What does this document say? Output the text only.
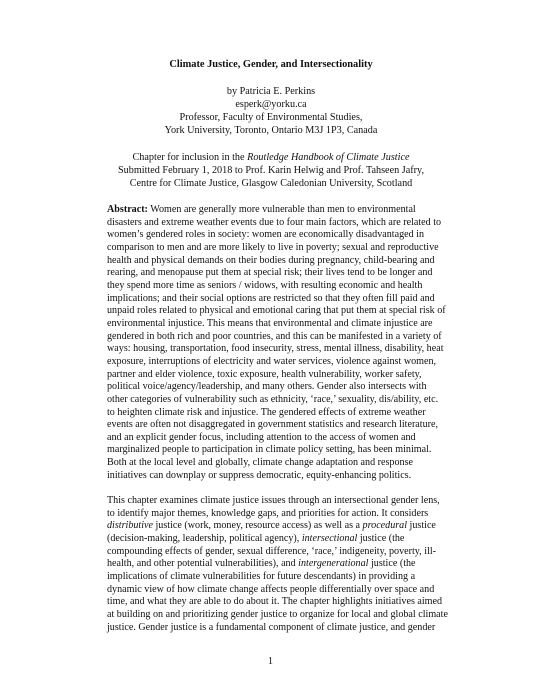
Climate Justice, Gender, and Intersectionality
by Patricia E. Perkins
esperk@yorku.ca
Professor, Faculty of Environmental Studies,
York University, Toronto, Ontario M3J 1P3, Canada
Chapter for inclusion in the Routledge Handbook of Climate Justice
Submitted February 1, 2018 to Prof. Karin Helwig and Prof. Tahseen Jafry,
Centre for Climate Justice, Glasgow Caledonian University, Scotland
Abstract: Women are generally more vulnerable than men to environmental
disasters and extreme weather events due to four main factors, which are related to
women’s gendered roles in society: women are economically disadvantaged in
comparison to men and are more likely to live in poverty; sexual and reproductive
health and physical demands on their bodies during pregnancy, child-bearing and
rearing, and menopause put them at special risk; their lives tend to be longer and
they spend more time as seniors / widows, with resulting economic and health
implications; and their social options are restricted so that they often fill paid and
unpaid roles related to physical and emotional caring that put them at special risk of
environmental injustice. This means that environmental and climate injustice are
gendered in both rich and poor countries, and this can be manifested in a variety of
ways: housing, transportation, food insecurity, stress, mental illness, disability, heat
exposure, interruptions of electricity and water services, violence against women,
partner and elder violence, toxic exposure, health vulnerability, worker safety,
political voice/agency/leadership, and many others. Gender also intersects with
other categories of vulnerability such as ethnicity, ‘race,’ sexuality, dis/ability, etc.
to heighten climate risk and injustice. The gendered effects of extreme weather
events are often not disaggregated in government statistics and research literature,
and an explicit gender focus, including attention to the access of women and
marginalized people to participation in climate policy setting, has been minimal.
Both at the local level and globally, climate change adaptation and response
initiatives can downplay or suppress democratic, equity-enhancing politics.
This chapter examines climate justice issues through an intersectional gender lens,
to identify major themes, knowledge gaps, and priorities for action. It considers
distributive justice (work, money, resource access) as well as a procedural justice
(decision-making, leadership, political agency), intersectional justice (the
compounding effects of gender, sexual difference, ‘race,’ indigeneity, poverty, ill-
health, and other potential vulnerabilities), and intergenerational justice (the
implications of climate vulnerabilities for future descendants) in providing a
dynamic view of how climate change affects people differentially over space and
time, and what they are able to do about it. The chapter highlights initiatives aimed
at building on and prioritizing gender justice to organize for local and global climate
justice. Gender justice is a fundamental component of climate justice, and gender
1
